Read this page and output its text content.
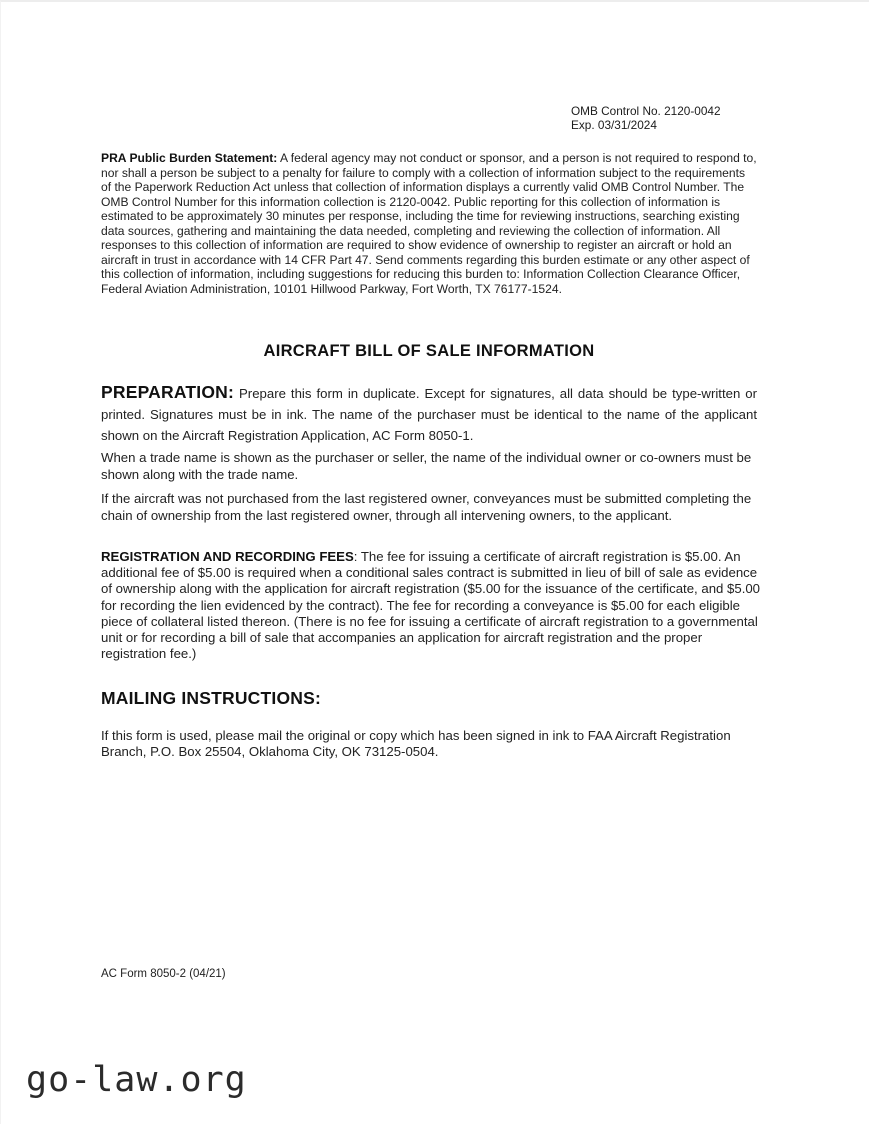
OMB Control No. 2120-0042
Exp. 03/31/2024

PRA Public Burden Statement: A federal agency may not conduct or sponsor, and a person is not required to respond to, nor shall a person be subject to a penalty for failure to comply with a collection of information subject to the requirements of the Paperwork Reduction Act unless that collection of information displays a currently valid OMB Control Number. The OMB Control Number for this information collection is 2120-0042. Public reporting for this collection of information is estimated to be approximately 30 minutes per response, including the time for reviewing instructions, searching existing data sources, gathering and maintaining the data needed, completing and reviewing the collection of information. All responses to this collection of information are required to show evidence of ownership to register an aircraft or hold an aircraft in trust in accordance with 14 CFR Part 47. Send comments regarding this burden estimate or any other aspect of this collection of information, including suggestions for reducing this burden to: Information Collection Clearance Officer, Federal Aviation Administration, 10101 Hillwood Parkway, Fort Worth, TX 76177-1524.

AIRCRAFT BILL OF SALE INFORMATION

PREPARATION: Prepare this form in duplicate. Except for signatures, all data should be type-written or printed. Signatures must be in ink. The name of the purchaser must be identical to the name of the applicant shown on the Aircraft Registration Application, AC Form 8050-1.

When a trade name is shown as the purchaser or seller, the name of the individual owner or co-owners must be shown along with the trade name.

If the aircraft was not purchased from the last registered owner, conveyances must be submitted completing the chain of ownership from the last registered owner, through all intervening owners, to the applicant.

REGISTRATION AND RECORDING FEES: The fee for issuing a certificate of aircraft registration is $5.00. An additional fee of $5.00 is required when a conditional sales contract is submitted in lieu of bill of sale as evidence of ownership along with the application for aircraft registration ($5.00 for the issuance of the certificate, and $5.00 for recording the lien evidenced by the contract). The fee for recording a conveyance is $5.00 for each eligible piece of collateral listed thereon. (There is no fee for issuing a certificate of aircraft registration to a governmental unit or for recording a bill of sale that accompanies an application for aircraft registration and the proper registration fee.)

MAILING INSTRUCTIONS:

If this form is used, please mail the original or copy which has been signed in ink to FAA Aircraft Registration Branch, P.O. Box 25504, Oklahoma City, OK 73125-0504.

AC Form 8050-2 (04/21)

go-law.org
